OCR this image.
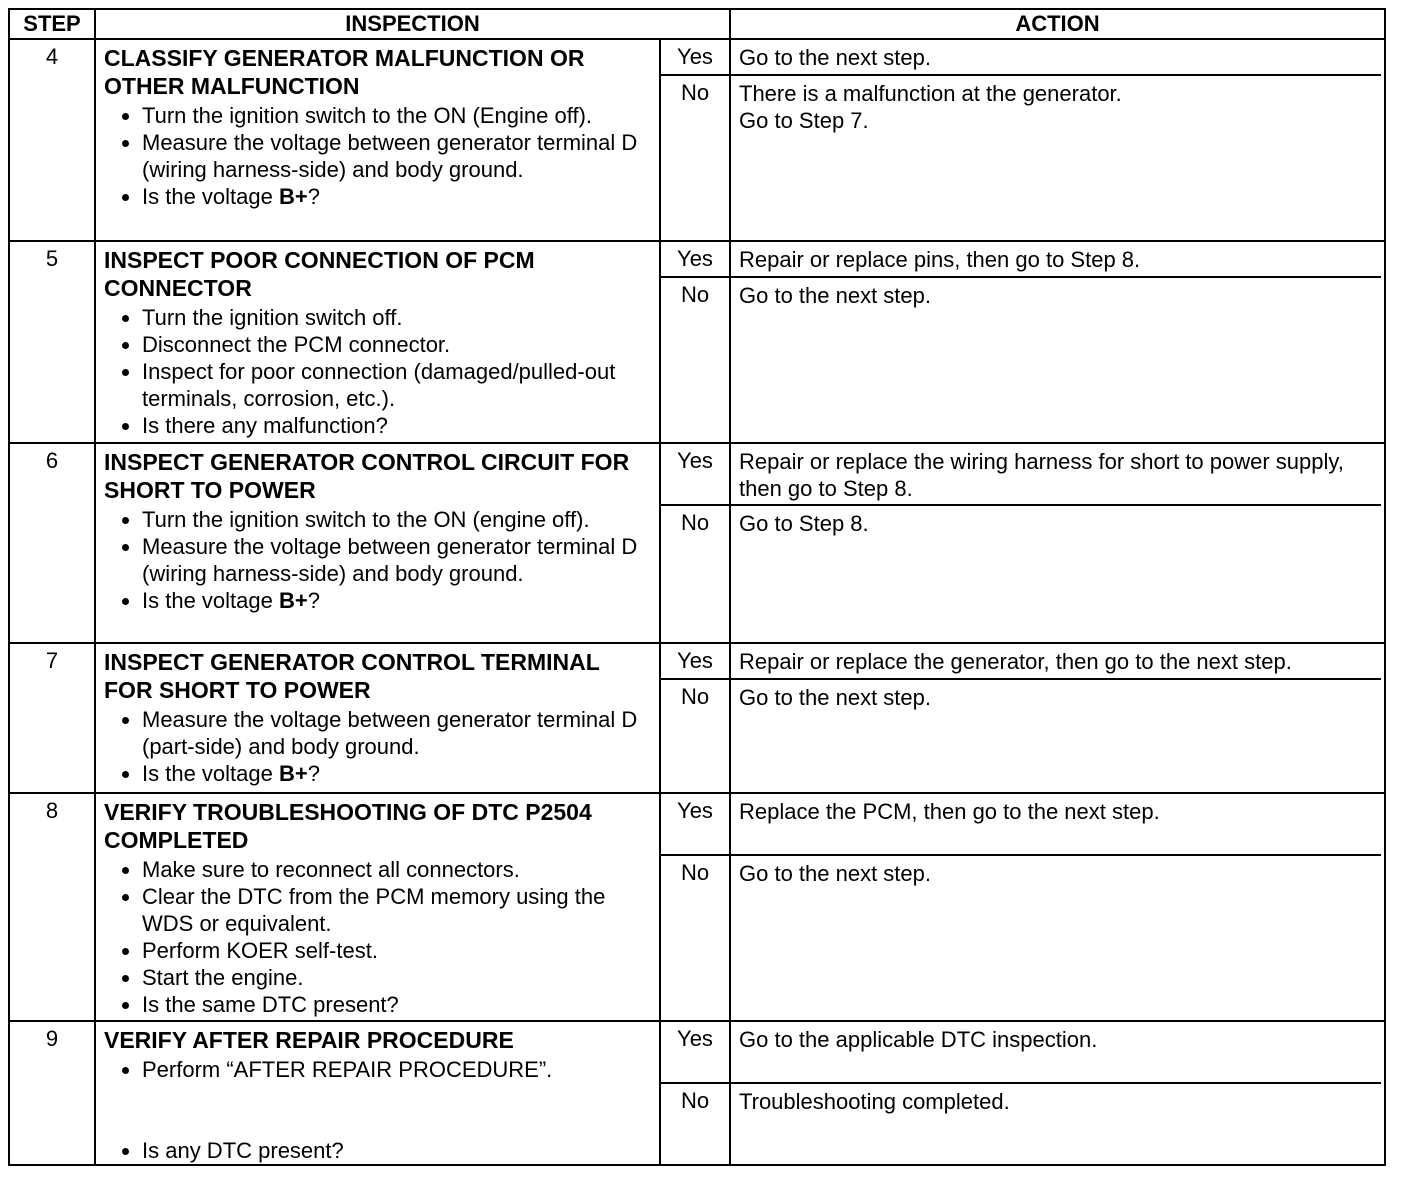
STEP	INSPECTION	ACTION
4	CLASSIFY GENERATOR MALFUNCTION OR OTHER MALFUNCTION
• Turn the ignition switch to the ON (Engine off).
• Measure the voltage between generator terminal D (wiring harness-side) and body ground.
• Is the voltage B+?
Yes	Go to the next step.
No	There is a malfunction at the generator.
Go to Step 7.
5	INSPECT POOR CONNECTION OF PCM CONNECTOR
• Turn the ignition switch off.
• Disconnect the PCM connector.
• Inspect for poor connection (damaged/pulled-out terminals, corrosion, etc.).
• Is there any malfunction?
Yes	Repair or replace pins, then go to Step 8.
No	Go to the next step.
6	INSPECT GENERATOR CONTROL CIRCUIT FOR SHORT TO POWER
• Turn the ignition switch to the ON (engine off).
• Measure the voltage between generator terminal D (wiring harness-side) and body ground.
• Is the voltage B+?
Yes	Repair or replace the wiring harness for short to power supply, then go to Step 8.
No	Go to Step 8.
7	INSPECT GENERATOR CONTROL TERMINAL FOR SHORT TO POWER
• Measure the voltage between generator terminal D (part-side) and body ground.
• Is the voltage B+?
Yes	Repair or replace the generator, then go to the next step.
No	Go to the next step.
8	VERIFY TROUBLESHOOTING OF DTC P2504 COMPLETED
• Make sure to reconnect all connectors.
• Clear the DTC from the PCM memory using the WDS or equivalent.
• Perform KOER self-test.
• Start the engine.
• Is the same DTC present?
Yes	Replace the PCM, then go to the next step.
No	Go to the next step.
9	VERIFY AFTER REPAIR PROCEDURE
• Perform “AFTER REPAIR PROCEDURE”.
• Is any DTC present?
Yes	Go to the applicable DTC inspection.
No	Troubleshooting completed.
